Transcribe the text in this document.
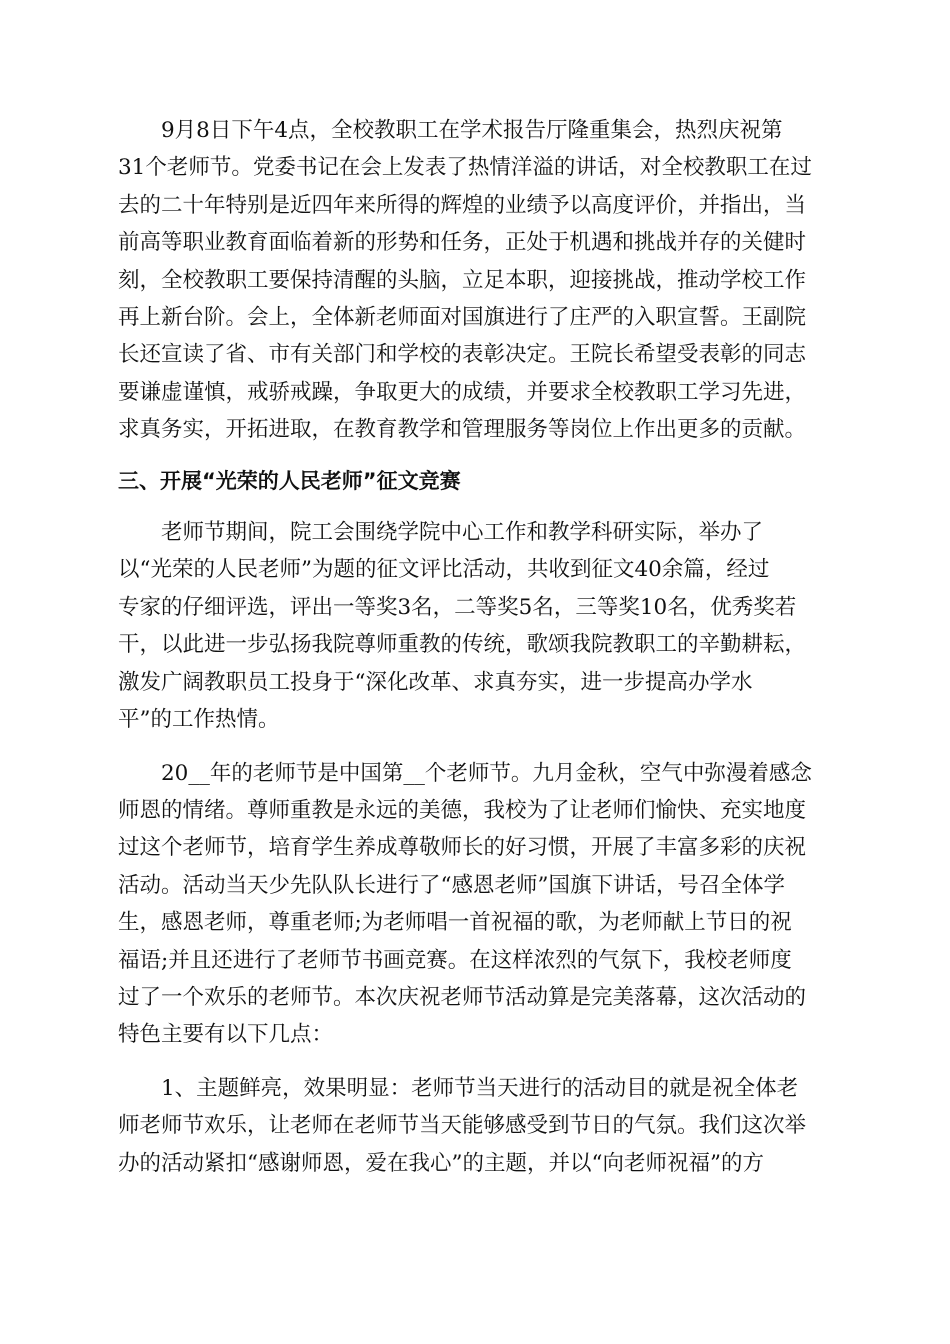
9月8日下午4点，全校教职工在学术报告厅隆重集会，热烈庆祝第
31个老师节。党委书记在会上发表了热情洋溢的讲话，对全校教职工在过
去的二十年特别是近四年来所得的辉煌的业绩予以高度评价，并指出，当
前高等职业教育面临着新的形势和任务，正处于机遇和挑战并存的关健时
刻，全校教职工要保持清醒的头脑，立足本职，迎接挑战，推动学校工作
再上新台阶。会上，全体新老师面对国旗进行了庄严的入职宣誓。王副院
长还宣读了省、市有关部门和学校的表彰决定。王院长希望受表彰的同志
要谦虚谨慎，戒骄戒躁，争取更大的成绩，并要求全校教职工学习先进，
求真务实，开拓进取，在教育教学和管理服务等岗位上作出更多的贡献。

三、开展“光荣的人民老师”征文竞赛

老师节期间，院工会围绕学院中心工作和教学科研实际，举办了
以“光荣的人民老师”为题的征文评比活动，共收到征文40余篇，经过
专家的仔细评选，评出一等奖3名，二等奖5名，三等奖10名，优秀奖若
干，以此进一步弘扬我院尊师重教的传统，歌颂我院教职工的辛勤耕耘，
激发广阔教职员工投身于“深化改革、求真夯实，进一步提高办学水
平”的工作热情。

20__年的老师节是中国第__个老师节。九月金秋，空气中弥漫着感念
师恩的情绪。尊师重教是永远的美德，我校为了让老师们愉快、充实地度
过这个老师节，培育学生养成尊敬师长的好习惯，开展了丰富多彩的庆祝
活动。活动当天少先队队长进行了“感恩老师”国旗下讲话，号召全体学
生，感恩老师，尊重老师;为老师唱一首祝福的歌，为老师献上节日的祝
福语;并且还进行了老师节书画竞赛。在这样浓烈的气氛下，我校老师度
过了一个欢乐的老师节。本次庆祝老师节活动算是完美落幕，这次活动的
特色主要有以下几点：

1、主题鲜亮，效果明显：老师节当天进行的活动目的就是祝全体老
师老师节欢乐，让老师在老师节当天能够感受到节日的气氛。我们这次举
办的活动紧扣“感谢师恩，爱在我心”的主题，并以“向老师祝福”的方
